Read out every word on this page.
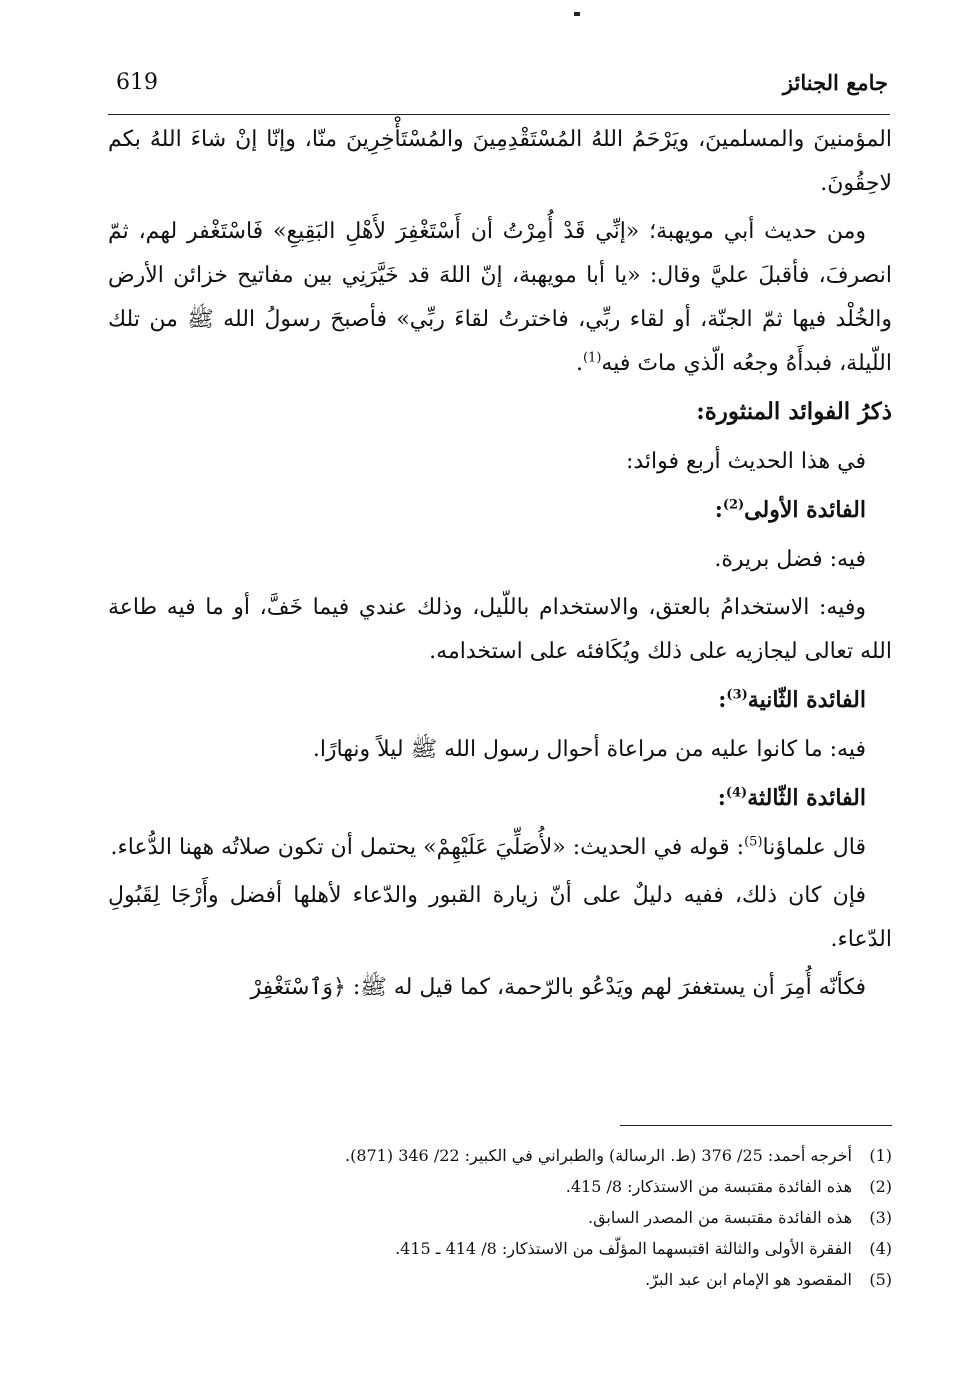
619	جامع الجنائز

المؤمنينَ والمسلمينَ، ويَرْحَمُ اللهُ المُسْتَقْدِمِينَ والمُسْتَأْخِرِينَ منّا، وإنّا إنْ شاءَ اللهُ بكم لاحِقُونَ.

ومن حديث أبي مويهبة؛ «إنِّي قَدْ أُمِرْتُ أن أَسْتَغْفِرَ لأَهْلِ البَقِيعِ» فَاسْتَغْفر لهم، ثمّ انصرفَ، فأقبلَ عليَّ وقال: «يا أبا مويهبة، إنّ اللهَ قد خَيَّرَنِي بين مفاتيح خزائن الأرض والخُلْد فيها ثمّ الجنّة، أو لقاء ربِّي، فاخترتُ لقاءَ ربِّي» فأصبحَ رسولُ الله ﷺ من تلك اللّيلة، فبدأَهُ وجعُه الّذي ماتَ فيه$^{(1)}$.

ذكرُ الفوائد المنثورة:

في هذا الحديث أربع فوائد:

الفائدة الأولى$^{(2)}$:

فيه: فضل بريرة.

وفيه: الاستخدامُ بالعتق، والاستخدام باللّيل، وذلك عندي فيما خَفَّ، أو ما فيه طاعة الله تعالى ليجازيه على ذلك ويُكَافئه على استخدامه.

الفائدة الثّانية$^{(3)}$:

فيه: ما كانوا عليه من مراعاة أحوال رسول الله ﷺ ليلاً ونهارًا.

الفائدة الثّالثة$^{(4)}$:

قال علماؤنا$^{(5)}$: قوله في الحديث: «لأُصَلِّيَ عَلَيْهِمْ» يحتمل أن تكون صلاتُه ههنا الدُّعاء.

فإن كان ذلك، ففيه دليلٌ على أنّ زيارة القبور والدّعاء لأهلها أفضل وأَرْجَا لِقَبُولِ الدّعاء.

فكأنّه أُمِرَ أن يستغفرَ لهم ويَدْعُو بالرّحمة، كما قيل له ﷺ: ﴿وَٱسْتَغْفِرْ

(1)
أخرجه أحمد: 25/ 376 (ط. الرسالة) والطبراني في الكبير: 22/ 346 (871).
(2)
هذه الفائدة مقتبسة من الاستذكار: 8/ 415.
(3)
هذه الفائدة مقتبسة من المصدر السابق.
(4)
الفقرة الأولى والثالثة اقتبسهما المؤلّف من الاستذكار: 8/ 414 ـ 415.
(5)
المقصود هو الإمام ابن عبد البرّ.
